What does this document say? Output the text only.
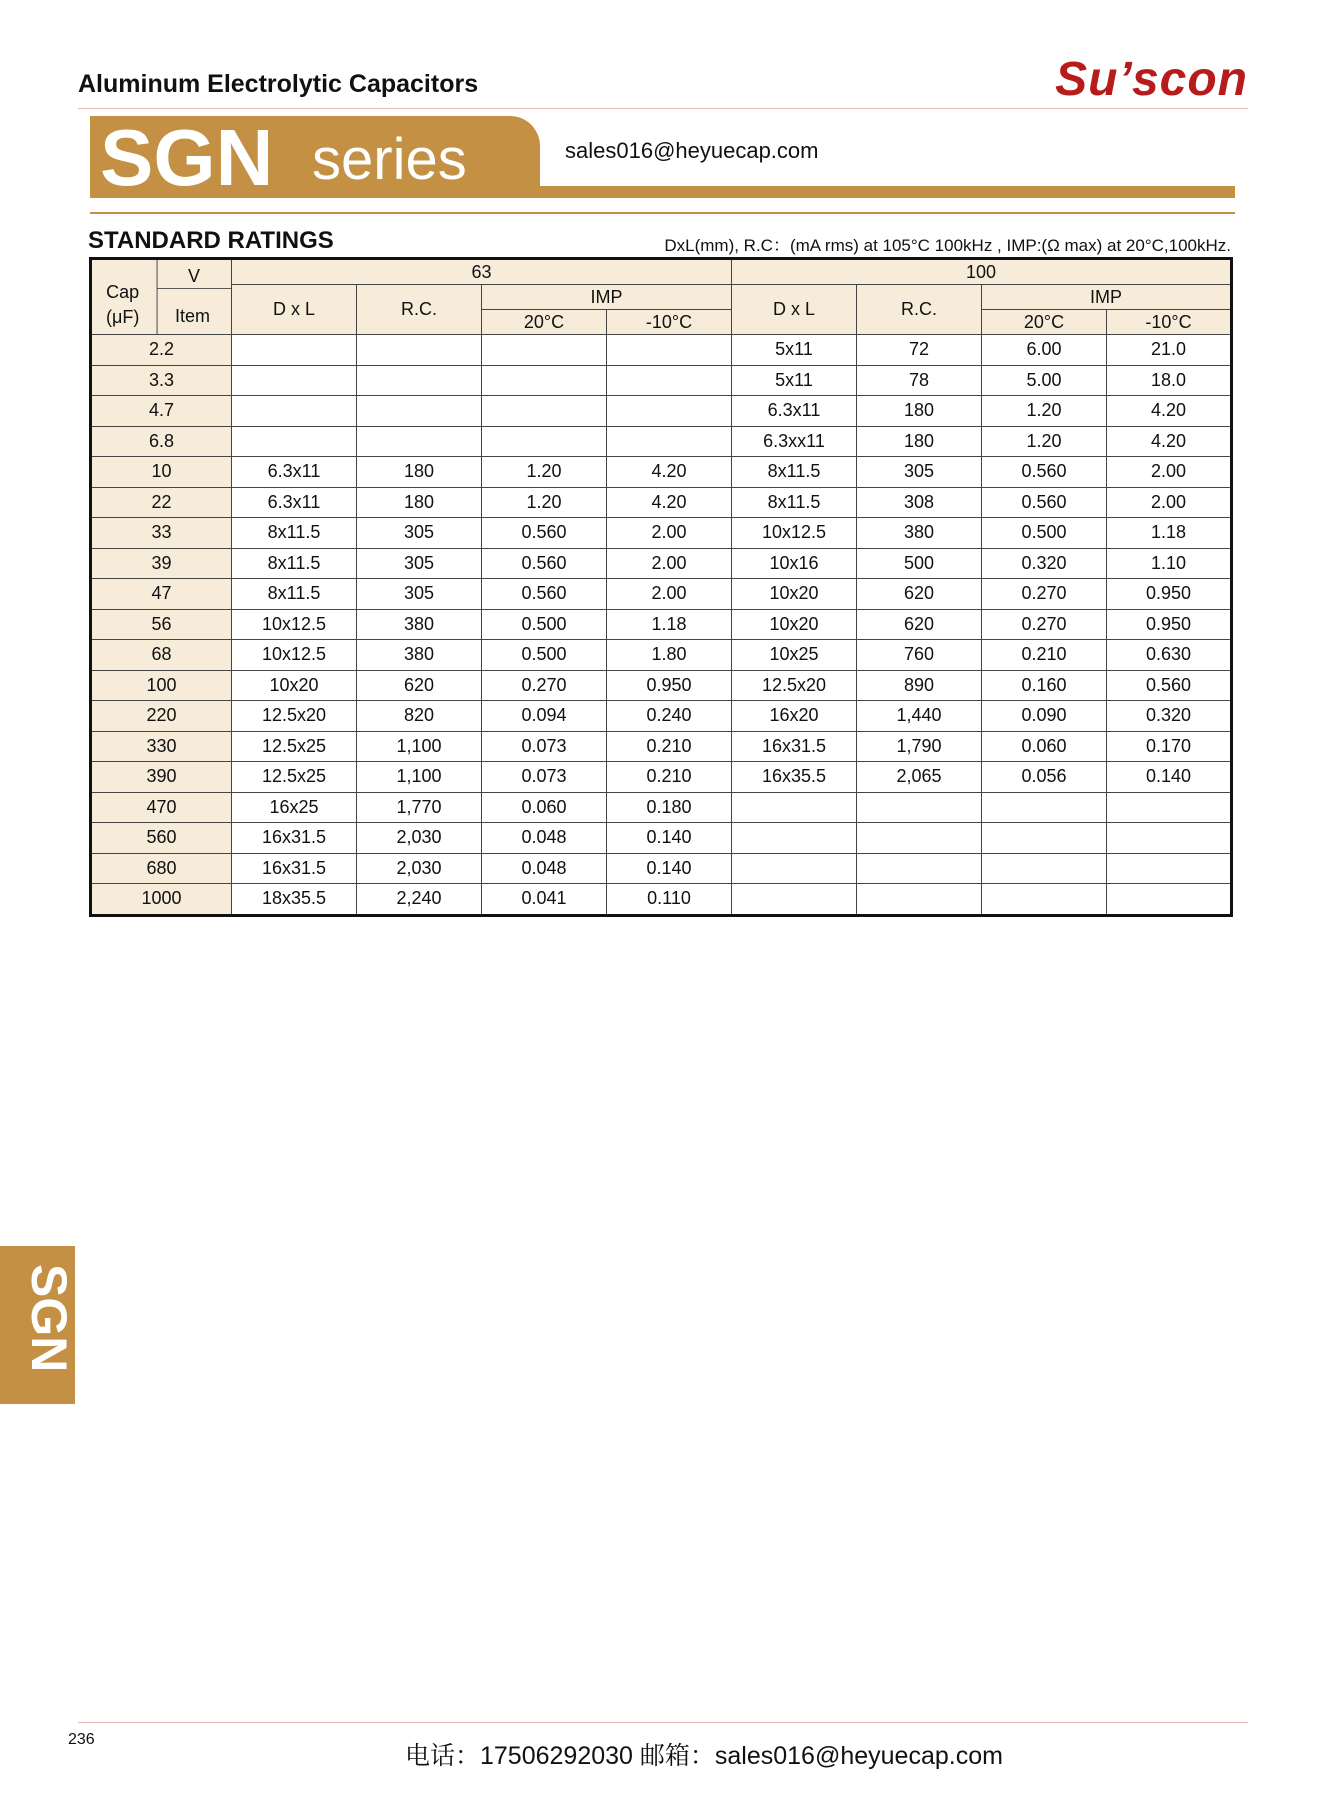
Aluminum Electrolytic Capacitors	Su’scon
SGN series	sales016@heyuecap.com
STANDARD RATINGS	DxL(mm), R.C：(mA rms) at 105°C 100kHz , IMP:(Ω max) at 20°C,100kHz.
Cap
(μF)
V
Item	63				100			
	D x L	R.C.	IMP		D x L	R.C.	IMP	
			20°C	-10°C			20°C	-10°C
2.2					5x11	72	6.00	21.0
3.3					5x11	78	5.00	18.0
4.7					6.3x11	180	1.20	4.20
6.8					6.3xx11	180	1.20	4.20
10	6.3x11	180	1.20	4.20	8x11.5	305	0.560	2.00
22	6.3x11	180	1.20	4.20	8x11.5	308	0.560	2.00
33	8x11.5	305	0.560	2.00	10x12.5	380	0.500	1.18
39	8x11.5	305	0.560	2.00	10x16	500	0.320	1.10
47	8x11.5	305	0.560	2.00	10x20	620	0.270	0.950
56	10x12.5	380	0.500	1.18	10x20	620	0.270	0.950
68	10x12.5	380	0.500	1.80	10x25	760	0.210	0.630
100	10x20	620	0.270	0.950	12.5x20	890	0.160	0.560
220	12.5x20	820	0.094	0.240	16x20	1,440	0.090	0.320
330	12.5x25	1,100	0.073	0.210	16x31.5	1,790	0.060	0.170
390	12.5x25	1,100	0.073	0.210	16x35.5	2,065	0.056	0.140
470	16x25	1,770	0.060	0.180				
560	16x31.5	2,030	0.048	0.140				
680	16x31.5	2,030	0.048	0.140				
1000	18x35.5	2,240	0.041	0.110				
SGN
236
电话：17506292030 邮箱：sales016@heyuecap.com
